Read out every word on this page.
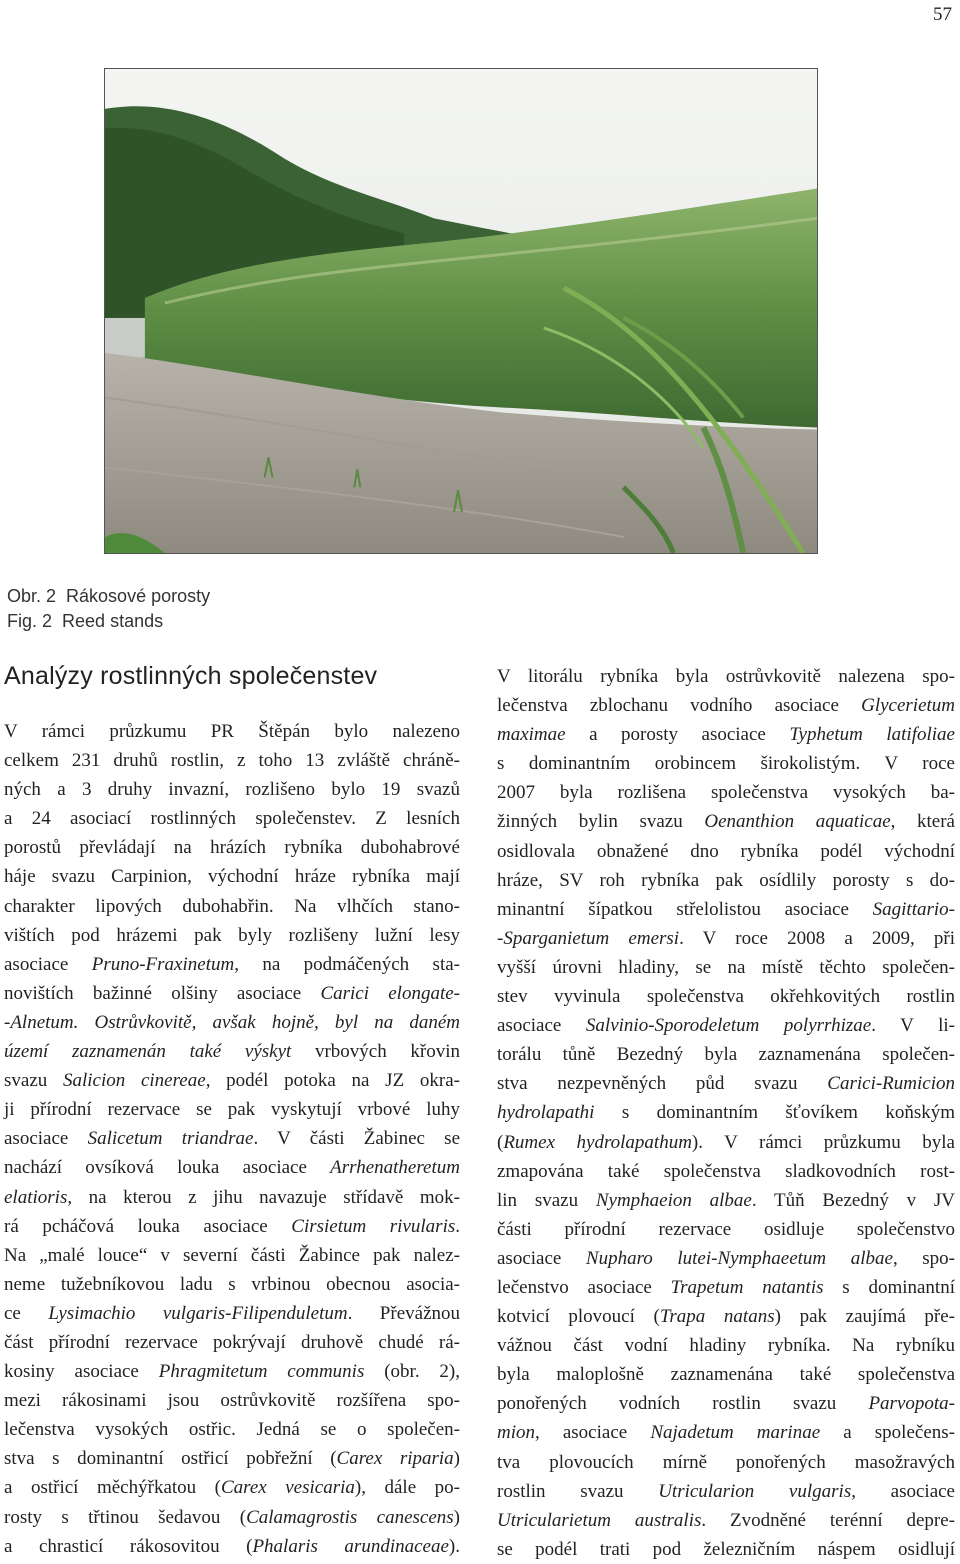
57
Obr. 2 Rákosové porosty
Fig. 2 Reed stands
Analýzy rostlinných společenstev
V rámci průzkumu PR Štěpán bylo nalezeno
celkem 231 druhů rostlin, z toho 13 zvláště chráně-
ných a 3 druhy invazní, rozlišeno bylo 19 svazů
a 24 asociací rostlinných společenstev. Z lesních
porostů převládají na hrázích rybníka dubohabrové
háje svazu Carpinion, východní hráze rybníka mají
charakter lipových dubohabřin. Na vlhčích stano-
vištích pod hrázemi pak byly rozlišeny lužní lesy
asociace Pruno-Fraxinetum, na podmáčených sta-
novištích bažinné olšiny asociace Carici elongate-
-Alnetum. Ostrůvkovitě, avšak hojně, byl na daném
území zaznamenán také výskyt vrbových křovin
svazu Salicion cinereae, podél potoka na JZ okra-
ji přírodní rezervace se pak vyskytují vrbové luhy
asociace Salicetum triandrae. V části Žabinec se
nachází ovsíková louka asociace Arrhenatheretum
elatioris, na kterou z jihu navazuje střídavě mok-
rá pcháčová louka asociace Cirsietum rivularis.
Na „malé louce“ v severní části Žabince pak nalez-
neme tužebníkovou ladu s vrbinou obecnou asocia-
ce Lysimachio vulgaris-Filipenduletum. Převážnou
část přírodní rezervace pokrývají druhově chudé rá-
kosiny asociace Phragmitetum communis (obr. 2),
mezi rákosinami jsou ostrůvkovitě rozšířena spo-
lečenstva vysokých ostřic. Jedná se o společen-
stva s dominantní ostřicí pobřežní (Carex riparia)
a ostřicí měchýřkatou (Carex vesicaria), dále po-
rosty s třtinou šedavou (Calamagrostis canescens)
a chrasticí rákosovitou (Phalaris arundinaceae).
V litorálu rybníka byla ostrůvkovitě nalezena spo-
lečenstva zblochanu vodního asociace Glycerietum
maximae a porosty asociace Typhetum latifoliae
s dominantním orobincem širokolistým. V roce
2007 byla rozlišena společenstva vysokých ba-
žinných bylin svazu Oenanthion aquaticae, která
osidlovala obnažené dno rybníka podél východní
hráze, SV roh rybníka pak osídlily porosty s do-
minantní šípatkou střelolistou asociace Sagittario-
-Sparganietum emersi. V roce 2008 a 2009, při
vyšší úrovni hladiny, se na místě těchto společen-
stev vyvinula společenstva okřehkovitých rostlin
asociace Salvinio-Sporodeletum polyrrhizae. V li-
torálu tůně Bezedný byla zaznamenána společen-
stva nezpevněných půd svazu Carici-Rumicion
hydrolapathi s dominantním šťovíkem koňským
(Rumex hydrolapathum). V rámci průzkumu byla
zmapována také společenstva sladkovodních rost-
lin svazu Nymphaeion albae. Tůň Bezedný v JV
části přírodní rezervace osidluje společenstvo
asociace Nupharo lutei-Nymphaeetum albae, spo-
lečenstvo asociace Trapetum natantis s dominantní
kotvicí plovoucí (Trapa natans) pak zaujímá pře-
vážnou část vodní hladiny rybníka. Na rybníku
byla maloplošně zaznamenána také společenstva
ponořených vodních rostlin svazu Parvopota-
mion, asociace Najadetum marinae a společens-
tva plovoucích mírně ponořených masožravých
rostlin svazu Utricularion vulgaris, asociace
Utricularietum australis. Zvodněné terénní depre-
se podél trati pod železničním náspem osidlují
